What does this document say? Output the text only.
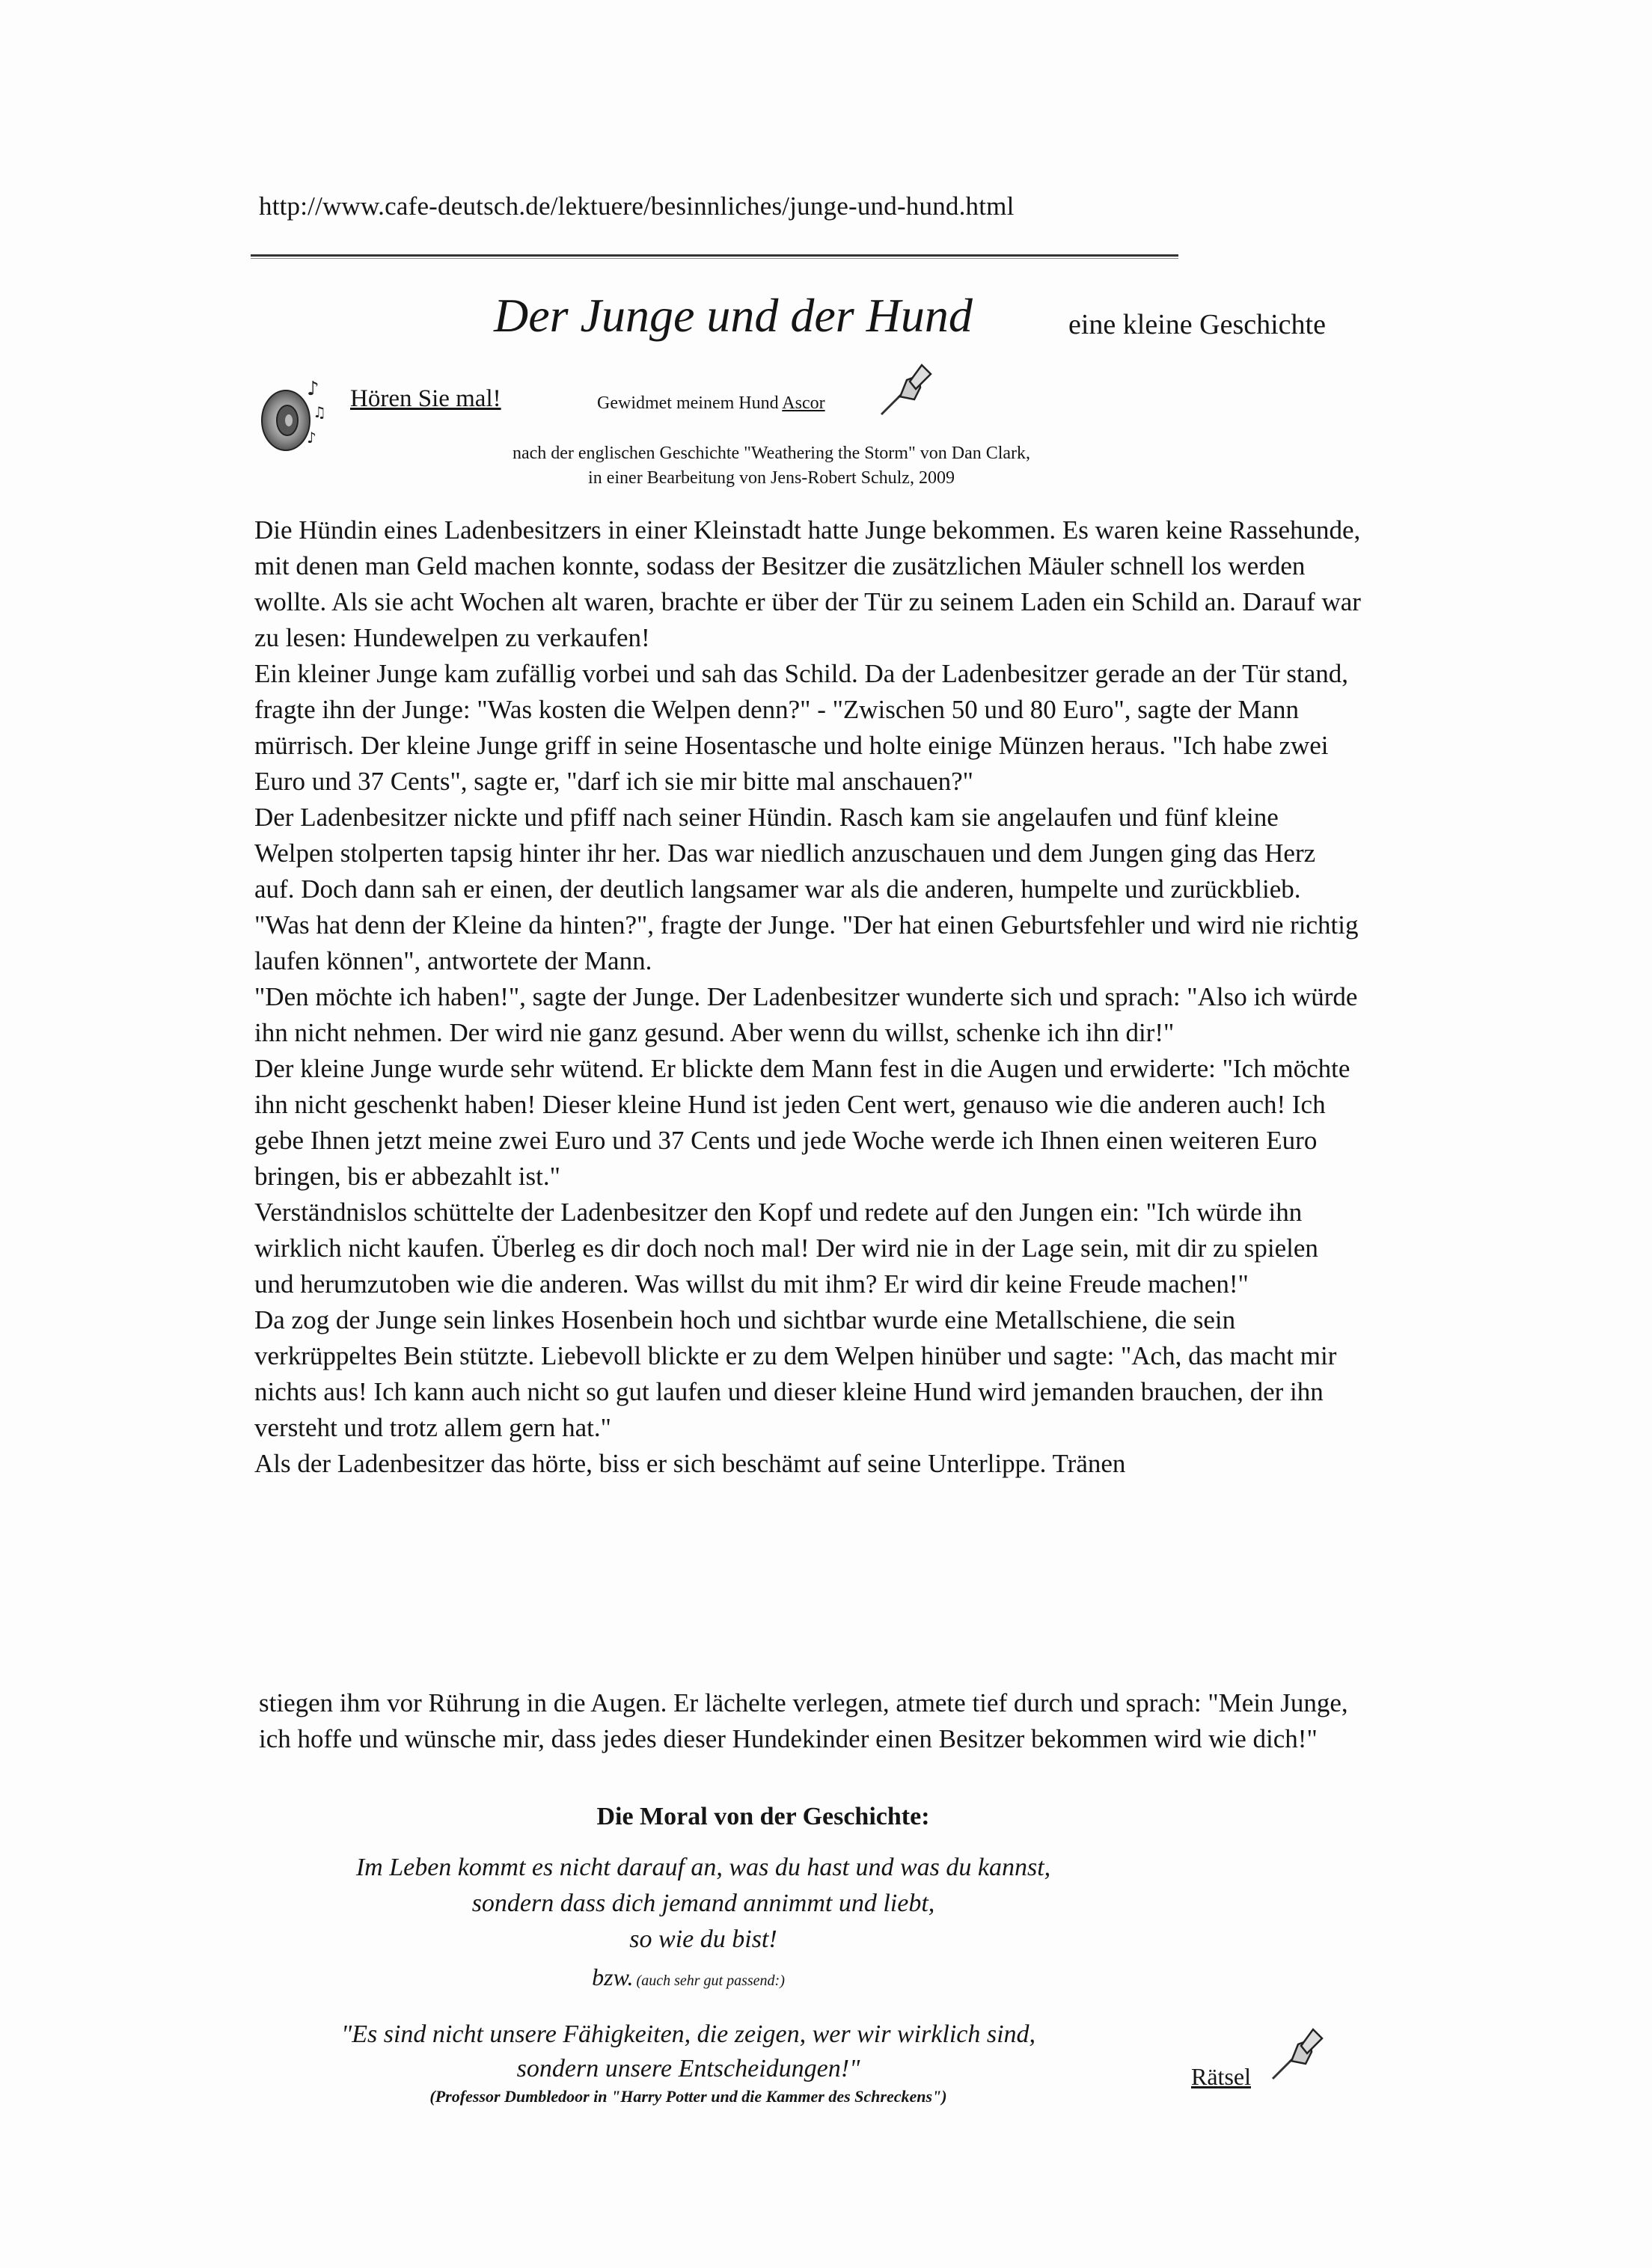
http://www.cafe-deutsch.de/lektuere/besinnliches/junge-und-hund.html
Der Junge und der Hund	eine kleine Geschichte
♪
♫
♪
Hören Sie mal!	Gewidmet meinem Hund Ascor
nach der englischen Geschichte "Weathering the Storm" von Dan Clark,
in einer Bearbeitung von Jens-Robert Schulz, 2009

Die Hündin eines Ladenbesitzers in einer Kleinstadt hatte Junge bekommen. Es waren keine Rassehunde, mit denen man Geld machen konnte, sodass der Besitzer die zusätzlichen Mäuler schnell los werden wollte. Als sie acht Wochen alt waren, brachte er über der Tür zu seinem Laden ein Schild an. Darauf war zu lesen: Hundewelpen zu verkaufen!

Ein kleiner Junge kam zufällig vorbei und sah das Schild. Da der Ladenbesitzer gerade an der Tür stand, fragte ihn der Junge: "Was kosten die Welpen denn?" - "Zwischen 50 und 80 Euro", sagte der Mann mürrisch. Der kleine Junge griff in seine Hosentasche und holte einige Münzen heraus. "Ich habe zwei Euro und 37 Cents", sagte er, "darf ich sie mir bitte mal anschauen?"

Der Ladenbesitzer nickte und pfiff nach seiner Hündin. Rasch kam sie angelaufen und fünf kleine Welpen stolperten tapsig hinter ihr her. Das war niedlich anzuschauen und dem Jungen ging das Herz auf. Doch dann sah er einen, der deutlich langsamer war als die anderen, humpelte und zurückblieb. "Was hat denn der Kleine da hinten?", fragte der Junge. "Der hat einen Geburtsfehler und wird nie richtig laufen können", antwortete der Mann.

"Den möchte ich haben!", sagte der Junge. Der Ladenbesitzer wunderte sich und sprach: "Also ich würde ihn nicht nehmen. Der wird nie ganz gesund. Aber wenn du willst, schenke ich ihn dir!"

Der kleine Junge wurde sehr wütend. Er blickte dem Mann fest in die Augen und erwiderte: "Ich möchte ihn nicht geschenkt haben! Dieser kleine Hund ist jeden Cent wert, genauso wie die anderen auch! Ich gebe Ihnen jetzt meine zwei Euro und 37 Cents und jede Woche werde ich Ihnen einen weiteren Euro bringen, bis er abbezahlt ist."

Verständnislos schüttelte der Ladenbesitzer den Kopf und redete auf den Jungen ein: "Ich würde ihn wirklich nicht kaufen. Überleg es dir doch noch mal! Der wird nie in der Lage sein, mit dir zu spielen und herumzutoben wie die anderen. Was willst du mit ihm? Er wird dir keine Freude machen!"

Da zog der Junge sein linkes Hosenbein hoch und sichtbar wurde eine Metallschiene, die sein verkrüppeltes Bein stützte. Liebevoll blickte er zu dem Welpen hinüber und sagte: "Ach, das macht mir nichts aus! Ich kann auch nicht so gut laufen und dieser kleine Hund wird jemanden brauchen, der ihn versteht und trotz allem gern hat."

Als der Ladenbesitzer das hörte, biss er sich beschämt auf seine Unterlippe. Tränen

stiegen ihm vor Rührung in die Augen. Er lächelte verlegen, atmete tief durch und sprach: "Mein Junge, ich hoffe und wünsche mir, dass jedes dieser Hundekinder einen Besitzer bekommen wird wie dich!"

Die Moral von der Geschichte:
Im Leben kommt es nicht darauf an, was du hast und was du kannst,
sondern dass dich jemand annimmt und liebt,
so wie du bist!
bzw. (auch sehr gut passend:)
"Es sind nicht unsere Fähigkeiten, die zeigen, wer wir wirklich sind,
sondern unsere Entscheidungen!"
(Professor Dumbledoor in "Harry Potter und die Kammer des Schreckens")
Rätsel
